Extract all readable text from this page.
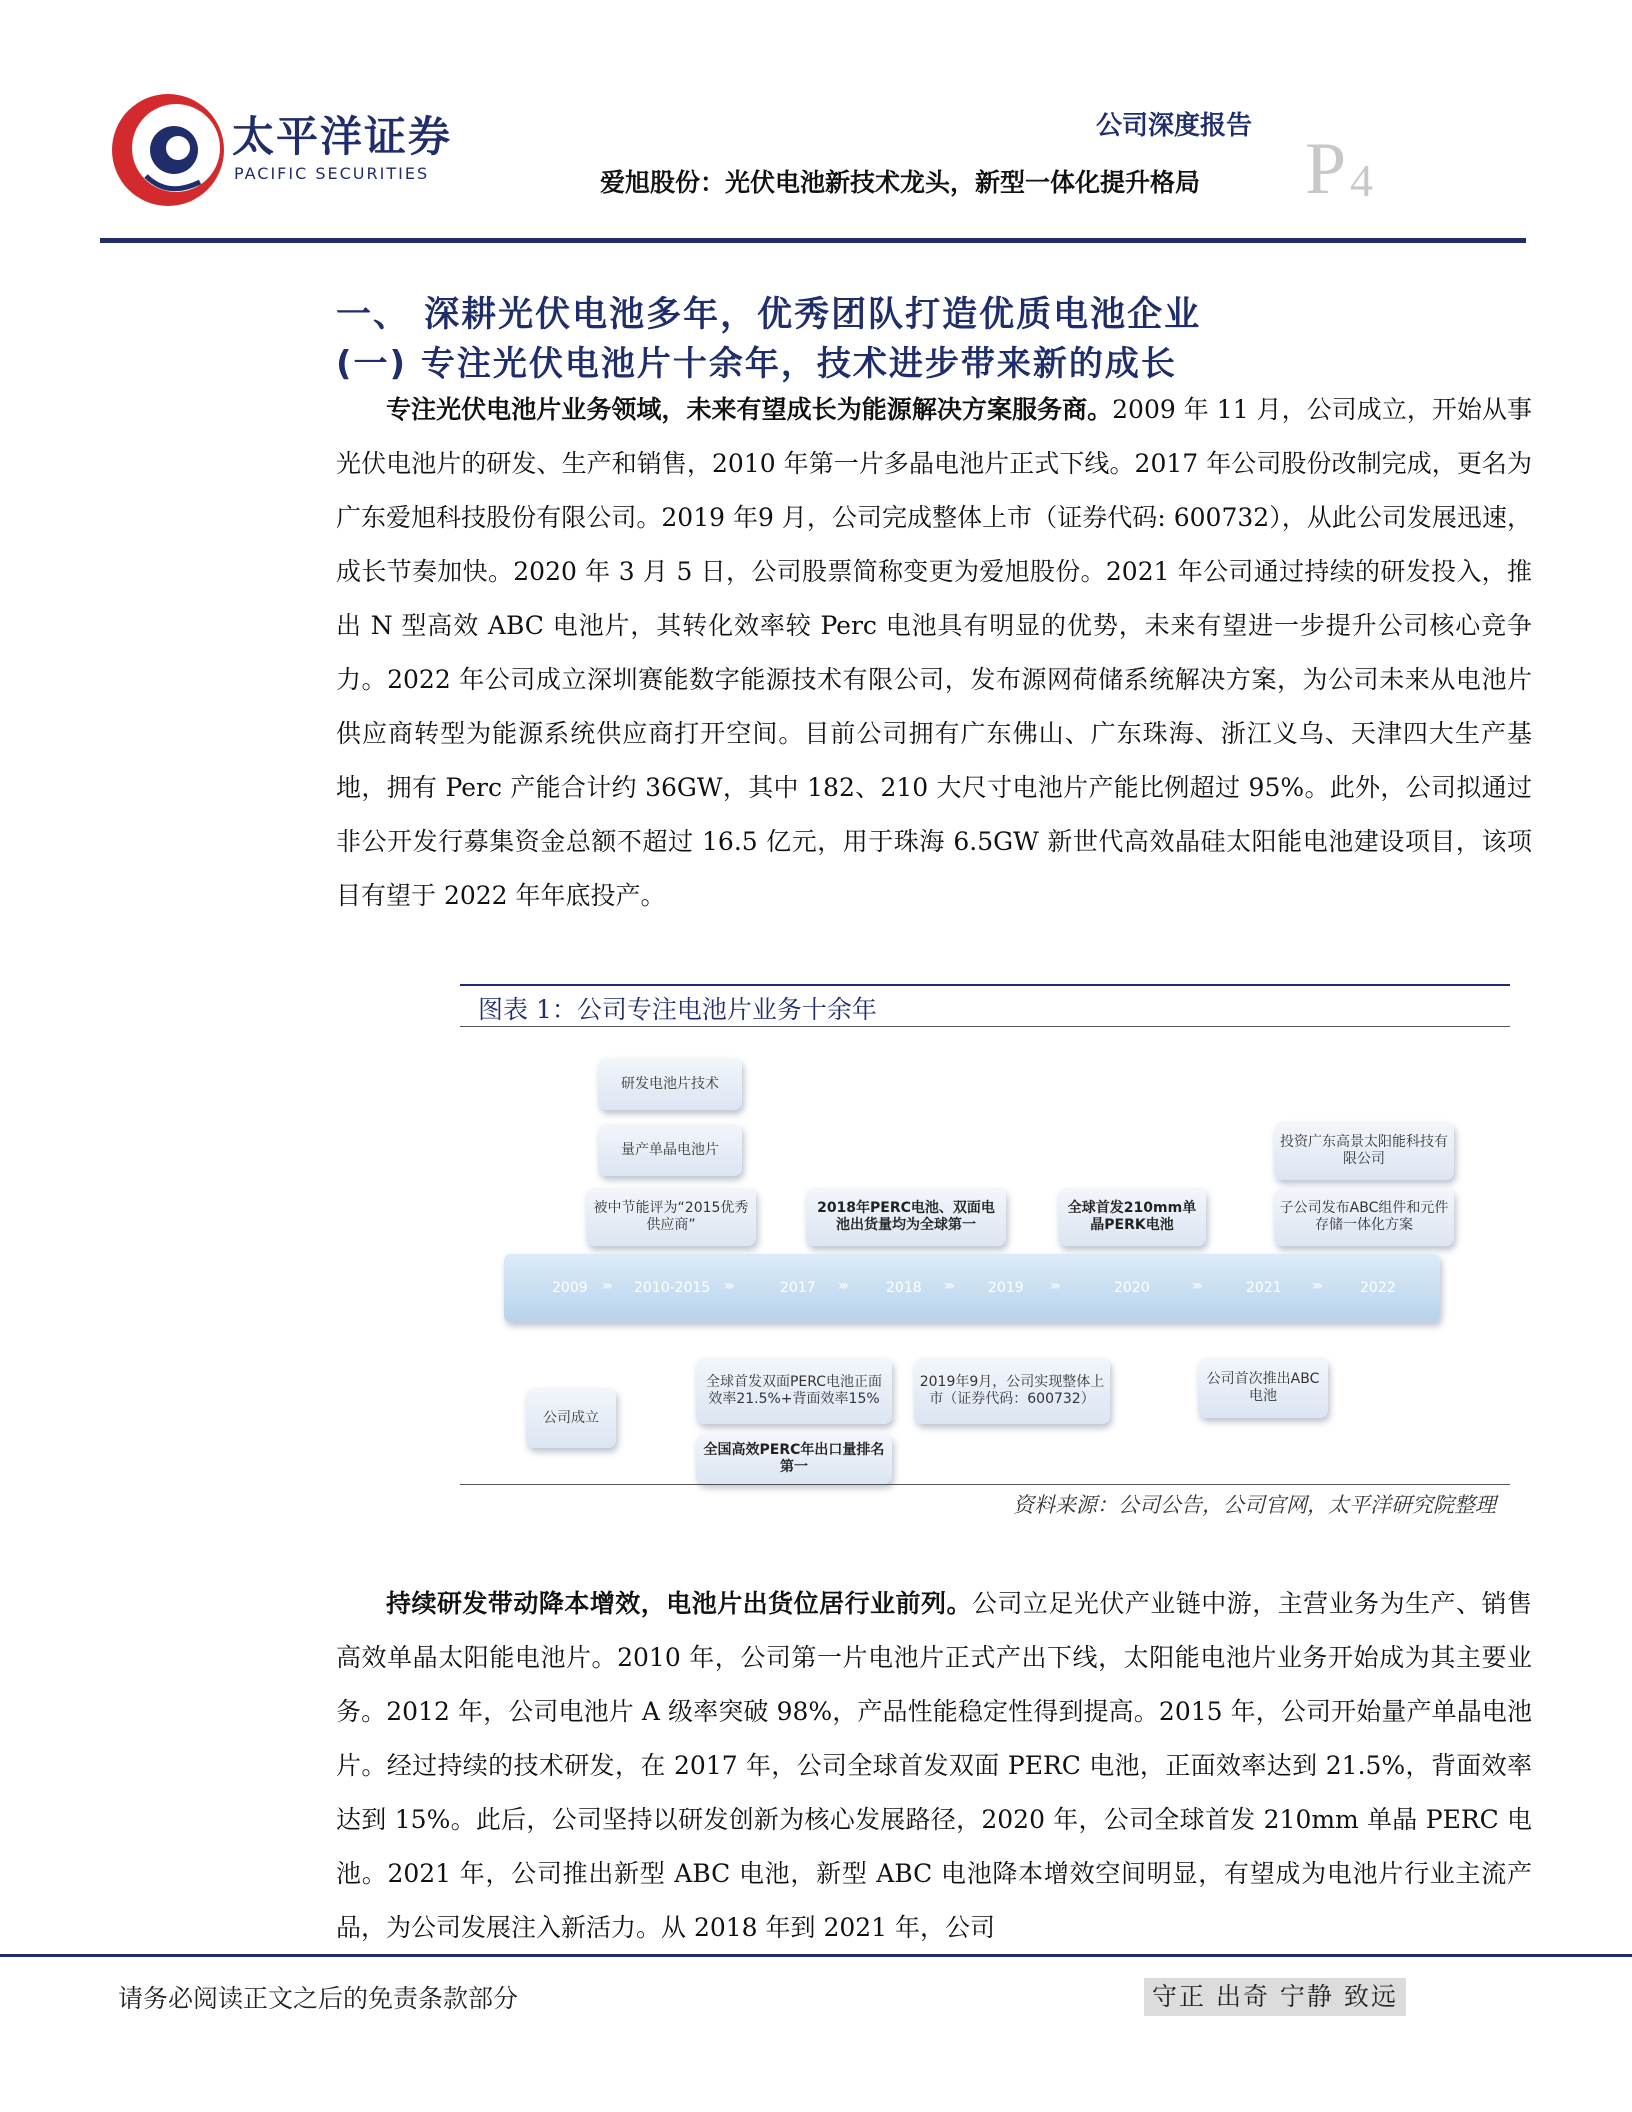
太平洋证券
PACIFIC SECURITIES
公司深度报告
爱旭股份：光伏电池新技术龙头，新型一体化提升格局 P 4
一、 深耕光伏电池多年，优秀团队打造优质电池企业
(一) 专注光伏电池片十余年，技术进步带来新的成长
专注光伏电池片业务领域，未来有望成长为能源解决方案服务商。2009 年 11 月，公司成立，开始从事光伏电池片的研发、生产和销售，2010 年第一片多晶电池片正式下线。2017 年公司股份改制完成，更名为广东爱旭科技股份有限公司。2019 年9 月，公司完成整体上市（证券代码: 600732），从此公司发展迅速，成长节奏加快。2020 年 3 月 5 日，公司股票简称变更为爱旭股份。2021 年公司通过持续的研发投入，推出 N 型高效 ABC 电池片，其转化效率较 Perc 电池具有明显的优势，未来有望进一步提升公司核心竞争力。2022 年公司成立深圳赛能数字能源技术有限公司，发布源网荷储系统解决方案，为公司未来从电池片供应商转型为能源系统供应商打开空间。目前公司拥有广东佛山、广东珠海、浙江义乌、天津四大生产基地，拥有 Perc 产能合计约 36GW，其中 182、210 大尺寸电池片产能比例超过 95%。此外，公司拟通过非公开发行募集资金总额不超过 16.5 亿元，用于珠海 6.5GW 新世代高效晶硅太阳能电池建设项目，该项目有望于 2022 年年底投产。
图表 1：公司专注电池片业务十余年
研发电池片技术
量产单晶电池片
被中节能评为“2015优秀供应商”
2018年PERC电池、双面电池出货量均为全球第一
全球首发210mm单晶PERK电池
投资广东高景太阳能科技有限公司
子公司发布ABC组件和元件存储一体化方案
2009 ››› 2010-2015 ›››	2017 ›››	2018 ›››	2019 ›››	2020	›››	2021 ›››	2022
公司成立
全球首发双面PERC电池正面效率21.5%+背面效率15%
全国高效PERC年出口量排名第一
2019年9月，公司实现整体上市（证券代码：600732）
公司首次推出ABC电池
资料来源：公司公告，公司官网，太平洋研究院整理
持续研发带动降本增效，电池片出货位居行业前列。公司立足光伏产业链中游，主营业务为生产、销售高效单晶太阳能电池片。2010 年，公司第一片电池片正式产出下线，太阳能电池片业务开始成为其主要业务。2012 年，公司电池片 A 级率突破 98%，产品性能稳定性得到提高。2015 年，公司开始量产单晶电池片。经过持续的技术研发，在 2017 年，公司全球首发双面 PERC 电池，正面效率达到 21.5%，背面效率达到 15%。此后，公司坚持以研发创新为核心发展路径，2020 年，公司全球首发 210mm 单晶 PERC 电池。2021 年，公司推出新型 ABC 电池，新型 ABC 电池降本增效空间明显，有望成为电池片行业主流产品，为公司发展注入新活力。从 2018 年到 2021 年，公司
请务必阅读正文之后的免责条款部分	守正 出奇 宁静 致远
